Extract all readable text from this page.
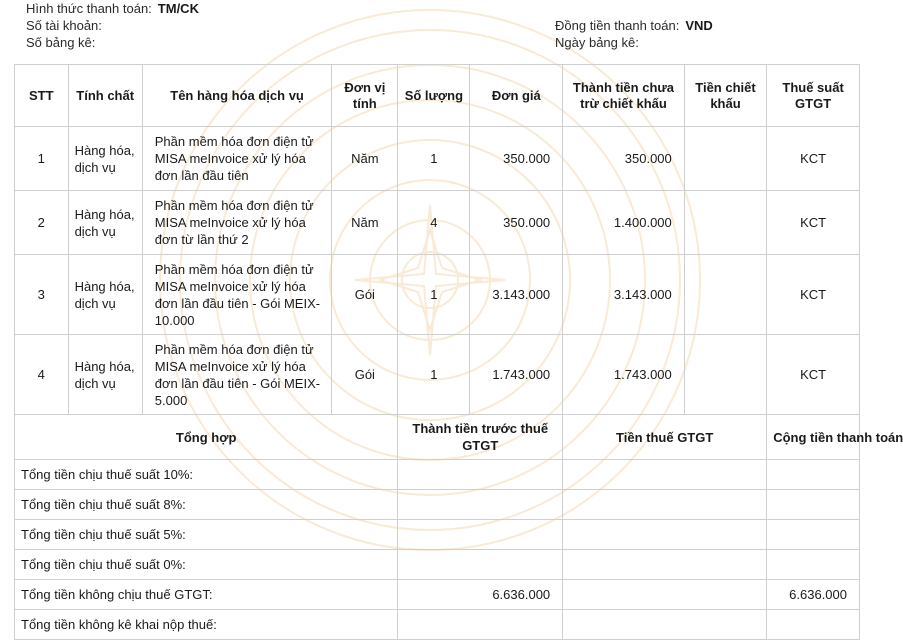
Hình thức thanh toán: TM/CK
Số tài khoản:
Số bảng kê:
Đồng tiền thanh toán: VND
Ngày bảng kê:
STT	Tính chất	Tên hàng hóa dịch vụ	Đơn vị tính	Số lượng	Đơn giá	Thành tiền chưa trừ chiết khấu	Tiền chiết khấu	Thuế suất GTGT
1	Hàng hóa, dịch vụ	Phần mềm hóa đơn điện tử MISA meInvoice xử lý hóa đơn lần đầu tiên	Năm	1	350.000	350.000		KCT
2	Hàng hóa, dịch vụ	Phần mềm hóa đơn điện tử MISA meInvoice xử lý hóa đơn từ lần thứ 2	Năm	4	350.000	1.400.000		KCT
3	Hàng hóa, dịch vụ	Phần mềm hóa đơn điện tử MISA meInvoice xử lý hóa đơn lần đầu tiên - Gói MEIX-10.000	Gói	1	3.143.000	3.143.000		KCT
4	Hàng hóa, dịch vụ	Phần mềm hóa đơn điện tử MISA meInvoice xử lý hóa đơn lần đầu tiên - Gói MEIX-5.000	Gói	1	1.743.000	1.743.000		KCT
Tổng hợp				Thành tiền trước thuế GTGT		Tiền thuế GTGT		Cộng tiền thanh toán
Tổng tiền chịu thuế suất 10%:								
Tổng tiền chịu thuế suất 8%:								
Tổng tiền chịu thuế suất 5%:								
Tổng tiền chịu thuế suất 0%:								
Tổng tiền không chịu thuế GTGT:				6.636.000				6.636.000
Tổng tiền không kê khai nộp thuế:								
